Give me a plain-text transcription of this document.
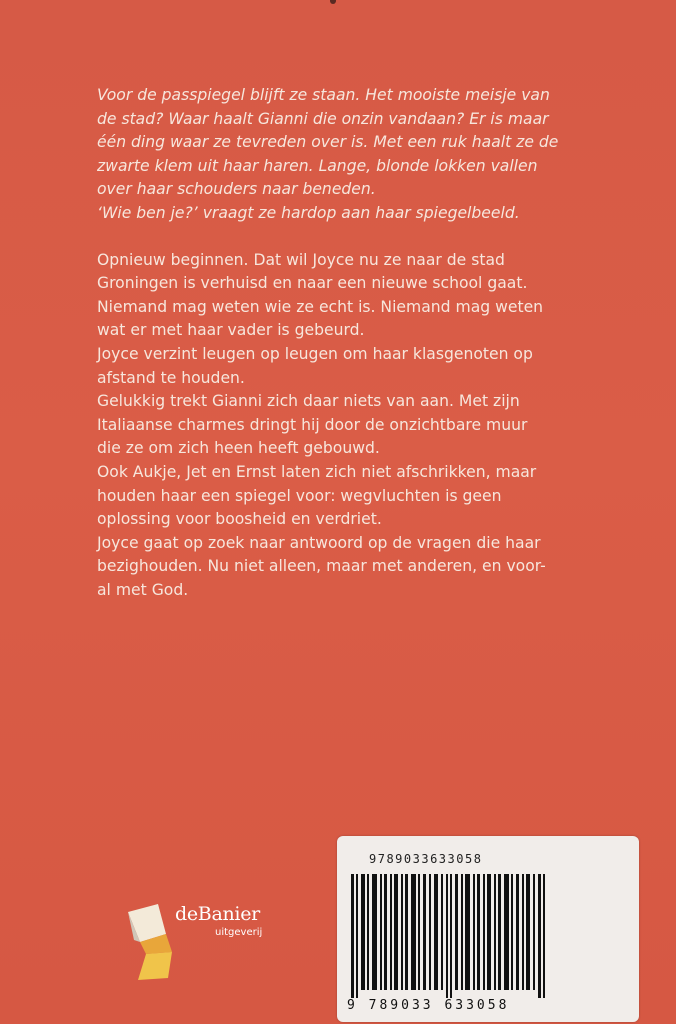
Voor de passpiegel blijft ze staan. Het mooiste meisje van
de stad? Waar haalt Gianni die onzin vandaan? Er is maar
één ding waar ze tevreden over is. Met een ruk haalt ze de
zwarte klem uit haar haren. Lange, blonde lokken vallen
over haar schouders naar beneden.
‘Wie ben je?’ vraagt ze hardop aan haar spiegelbeeld.

Opnieuw beginnen. Dat wil Joyce nu ze naar de stad
Groningen is verhuisd en naar een nieuwe school gaat.
Niemand mag weten wie ze echt is. Niemand mag weten
wat er met haar vader is gebeurd.
Joyce verzint leugen op leugen om haar klasgenoten op
afstand te houden.
Gelukkig trekt Gianni zich daar niets van aan. Met zijn
Italiaanse charmes dringt hij door de onzichtbare muur
die ze om zich heen heeft gebouwd.
Ook Aukje, Jet en Ernst laten zich niet afschrikken, maar
houden haar een spiegel voor: wegvluchten is geen
oplossing voor boosheid en verdriet.
Joyce gaat op zoek naar antwoord op de vragen die haar
bezighouden. Nu niet alleen, maar met anderen, en voor-
al met God.

deBanier
uitgeverij
9789033633058
9 789033 633058
